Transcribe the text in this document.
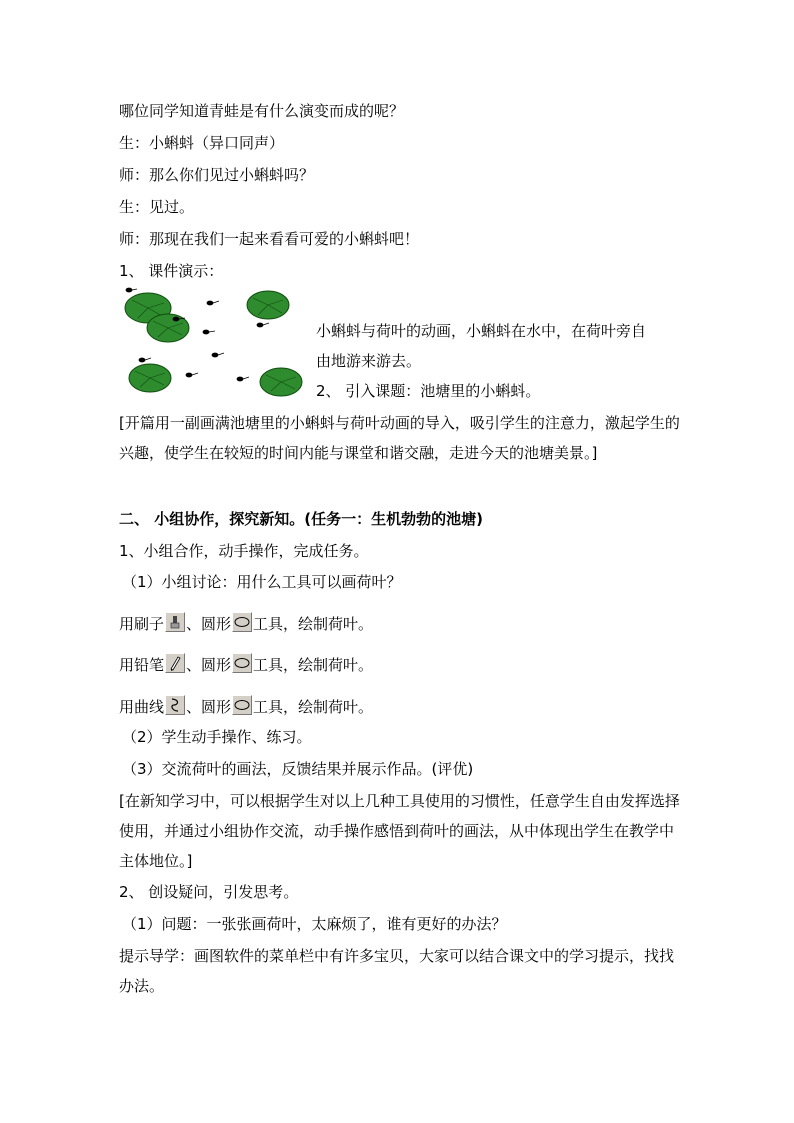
哪位同学知道青蛙是有什么演变而成的呢？
生：小蝌蚪（异口同声）
师：那么你们见过小蝌蚪吗？
生：见过。
师：那现在我们一起来看看可爱的小蝌蚪吧！
1、 课件演示：
小蝌蚪与荷叶的动画，小蝌蚪在水中，在荷叶旁自
由地游来游去。
2、 引入课题：池塘里的小蝌蚪。
[开篇用一副画满池塘里的小蝌蚪与荷叶动画的导入，吸引学生的注意力，激起学生的兴趣，使学生在较短的时间内能与课堂和谐交融，走进今天的池塘美景。]
二、 小组协作，探究新知。(任务一：生机勃勃的池塘)
1、小组合作，动手操作，完成任务。
（1）小组讨论：用什么工具可以画荷叶？
用刷子 、圆形 工具，绘制荷叶。
用铅笔 、圆形 工具，绘制荷叶。
用曲线 、圆形 工具，绘制荷叶。
（2）学生动手操作、练习。
（3）交流荷叶的画法，反馈结果并展示作品。(评优)
[在新知学习中，可以根据学生对以上几种工具使用的习惯性，任意学生自由发挥选择使用，并通过小组协作交流，动手操作感悟到荷叶的画法，从中体现出学生在教学中主体地位。]
2、 创设疑问，引发思考。
（1）问题：一张张画荷叶，太麻烦了，谁有更好的办法？
提示导学：画图软件的菜单栏中有许多宝贝，大家可以结合课文中的学习提示，找找办法。
